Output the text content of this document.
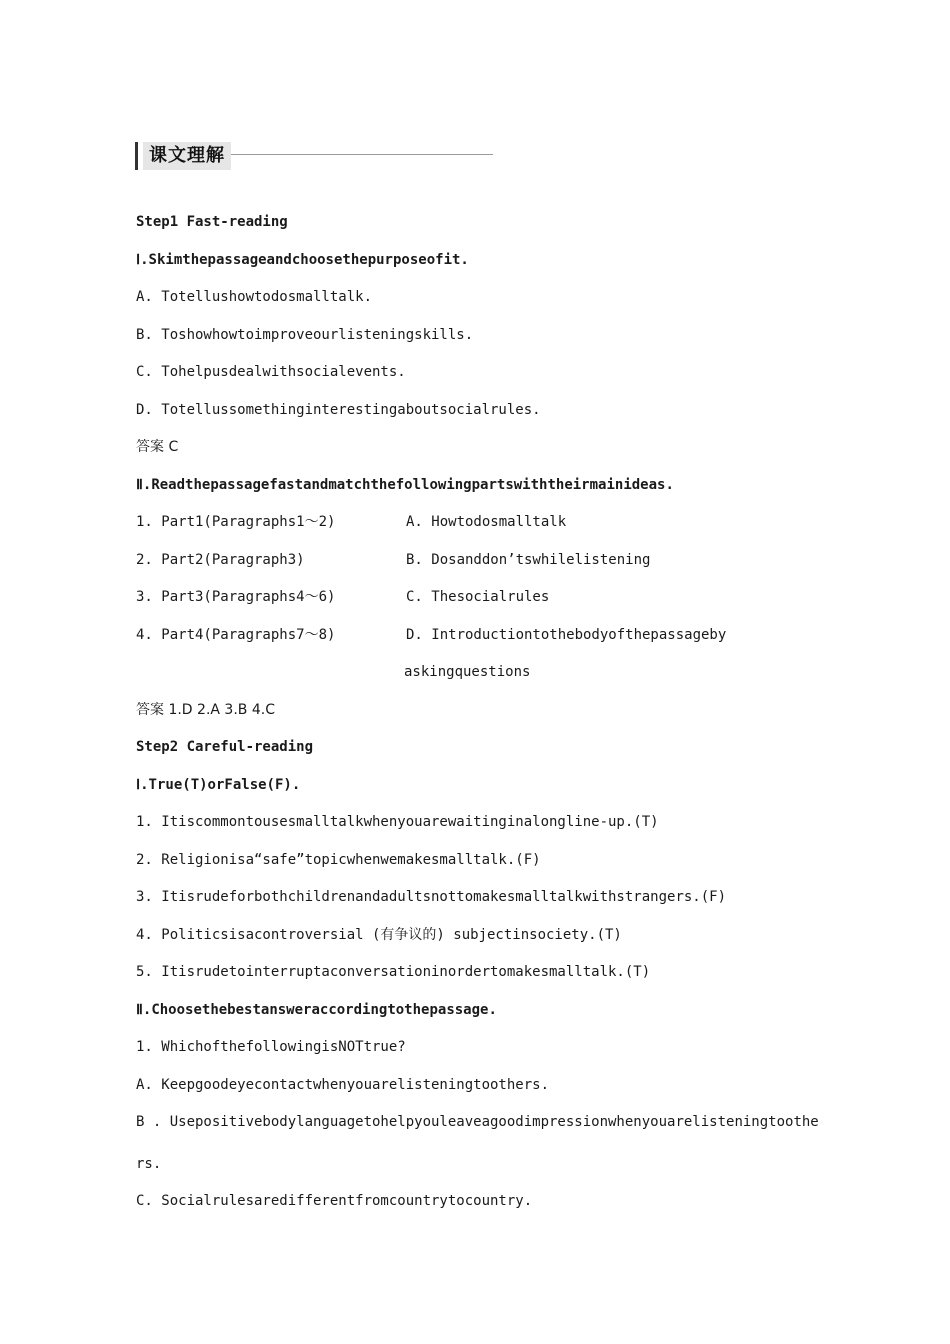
课文理解
Step1 Fast-reading
Ⅰ.Skimthepassageandchoosethepurposeofit.
A. Totellushowtodosmalltalk.
B. Toshowhowtoimproveourlisteningskills.
C. Tohelpusdealwithsocialevents.
D. Totellussomethinginterestingaboutsocialrules.
答案 C
Ⅱ.Readthepassagefastandmatchthefollowingpartswiththeirmainideas.
1. Part1(Paragraphs1～2)	A. Howtodosmalltalk
2. Part2(Paragraph3)	B. Dosanddon’tswhilelistening
3. Part3(Paragraphs4～6)	C. Thesocialrules
4. Part4(Paragraphs7～8)	D. Introductiontothebodyofthepassageby
askingquestions
答案 1.D 2.A 3.B 4.C
Step2 Careful-reading
Ⅰ.True(T)orFalse(F).
1. Itiscommontousesmalltalkwhenyouarewaitinginalongline-up.(T)
2. Religionisa“safe”topicwhenwemakesmalltalk.(F)
3. Itisrudeforbothchildrenandadultsnottomakesmalltalkwithstrangers.(F)
4. Politicsisacontroversial (有争议的) subjectinsociety.(T)
5. Itisrudetointerruptaconversationinordertomakesmalltalk.(T)
Ⅱ.Choosethebestansweraccordingtothepassage.
1. WhichofthefollowingisNOTtrue?
A. Keepgoodeyecontactwhenyouarelisteningtoothers.
B . Usepositivebodylanguagetohelpyouleaveagoodimpressionwhenyouarelisteningtoothe
rs.
C. Socialrulesaredifferentfromcountrytocountry.
